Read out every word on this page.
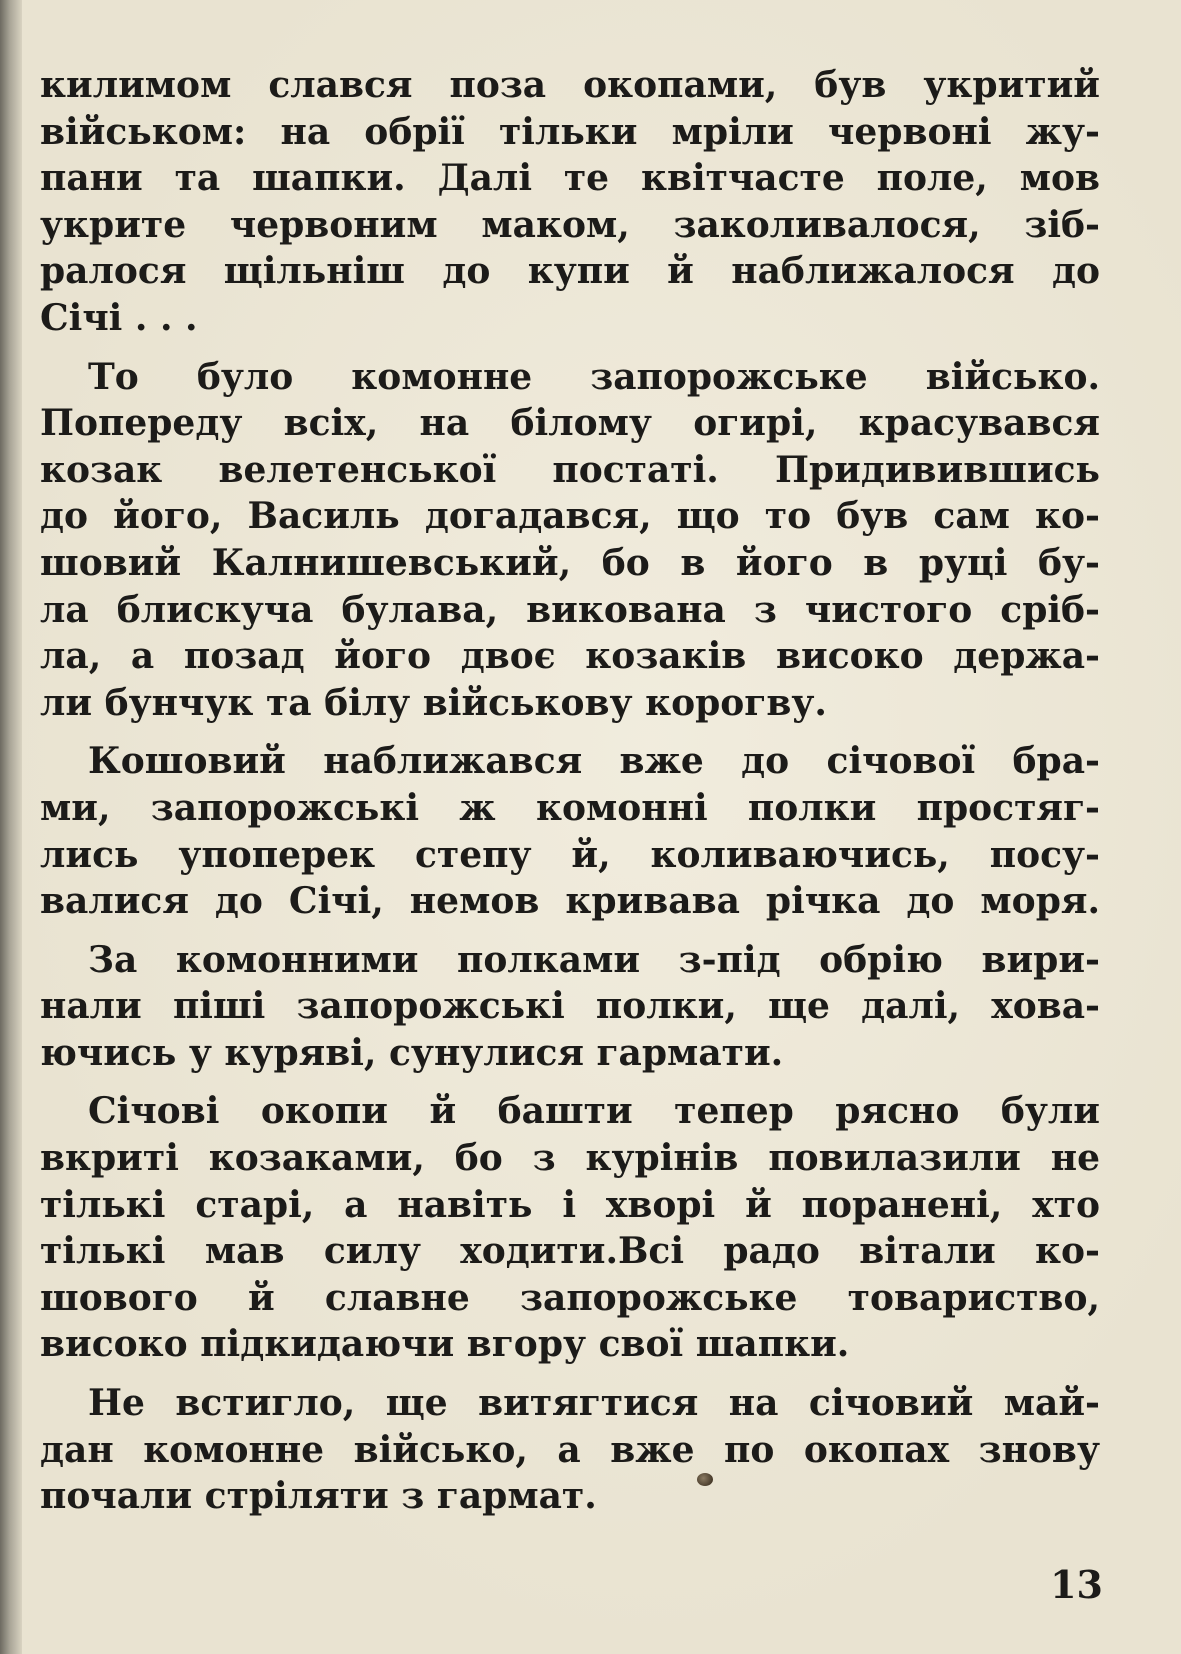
килимом слався поза окопами, був укритий
військом: на обрії тільки мріли червоні жу-
пани та шапки. Далі те квітчасте поле, мов
укрите червоним маком, заколивалося, зіб-
ралося щільніш до купи й наближалося до
Січі . . .

То було комонне запорожське військо.
Попереду всіх, на білому огирі, красувався
козак велетенської постаті. Придивившись
до його, Василь догадався, що то був сам ко-
шовий Калнишевський, бо в його в руці бу-
ла блискуча булава, викована з чистого сріб-
ла, а позад його двоє козаків високо держа-
ли бунчук та білу військову корогву.

Кошовий наближався вже до січової бра-
ми, запорожські ж комонні полки простяг-
лись упоперек степу й, коливаючись, посу-
валися до Січі, немов кривава річка до моря.

За комонними полками з-під обрію вири-
нали піші запорожські полки, ще далі, хова-
ючись у куряві, сунулися гармати.

Січові окопи й башти тепер рясно були
вкриті козаками, бо з курінів повилазили не
тількі старі, а навіть і хворі й поранені, хто
тількі мав силу ходити.Всі радо вітали ко-
шового й славне запорожське товариство,
високо підкидаючи вгору свої шапки.

Не встигло, ще витягтися на січовий май-
дан комонне військо, а вже по окопах знову
почали стріляти з гармат.

13
